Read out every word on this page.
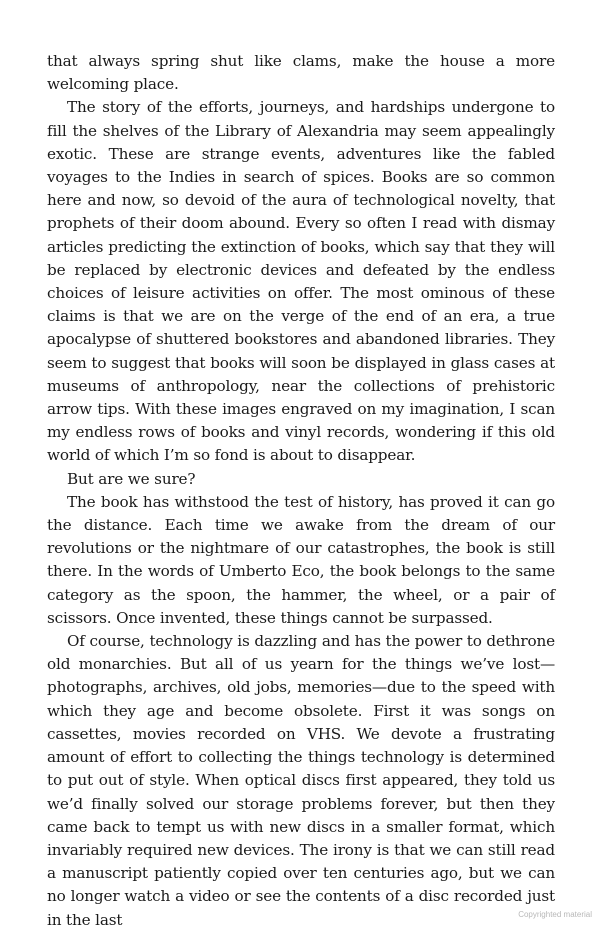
that always spring shut like clams, make the house a more welcoming place.

The story of the efforts, journeys, and hardships undergone to fill the shelves of the Library of Alexandria may seem appealingly exotic. These are strange events, adventures like the fabled voyages to the Indies in search of spices. Books are so common here and now, so devoid of the aura of technological novelty, that prophets of their doom abound. Every so often I read with dismay articles predicting the extinction of books, which say that they will be replaced by electronic devices and defeated by the endless choices of leisure activities on offer. The most ominous of these claims is that we are on the verge of the end of an era, a true apocalypse of shuttered bookstores and abandoned libraries. They seem to suggest that books will soon be displayed in glass cases at museums of anthropology, near the collections of prehistoric arrow tips. With these images engraved on my imagination, I scan my endless rows of books and vinyl records, wondering if this old world of which I’m so fond is about to disappear.

But are we sure?

The book has withstood the test of history, has proved it can go the distance. Each time we awake from the dream of our revolutions or the nightmare of our catastrophes, the book is still there. In the words of Umberto Eco, the book belongs to the same category as the spoon, the hammer, the wheel, or a pair of scissors. Once invented, these things cannot be surpassed.

Of course, technology is dazzling and has the power to dethrone old monarchies. But all of us yearn for the things we’ve lost—photographs, archives, old jobs, memories—due to the speed with which they age and become obsolete. First it was songs on cassettes, movies recorded on VHS. We devote a frustrating amount of effort to collecting the things technology is determined to put out of style. When optical discs first appeared, they told us we’d finally solved our storage problems forever, but then they came back to tempt us with new discs in a smaller format, which invariably required new devices. The irony is that we can still read a manuscript patiently copied over ten centuries ago, but we can no longer watch a video or see the contents of a disc recorded just in the last	Copyrighted material
